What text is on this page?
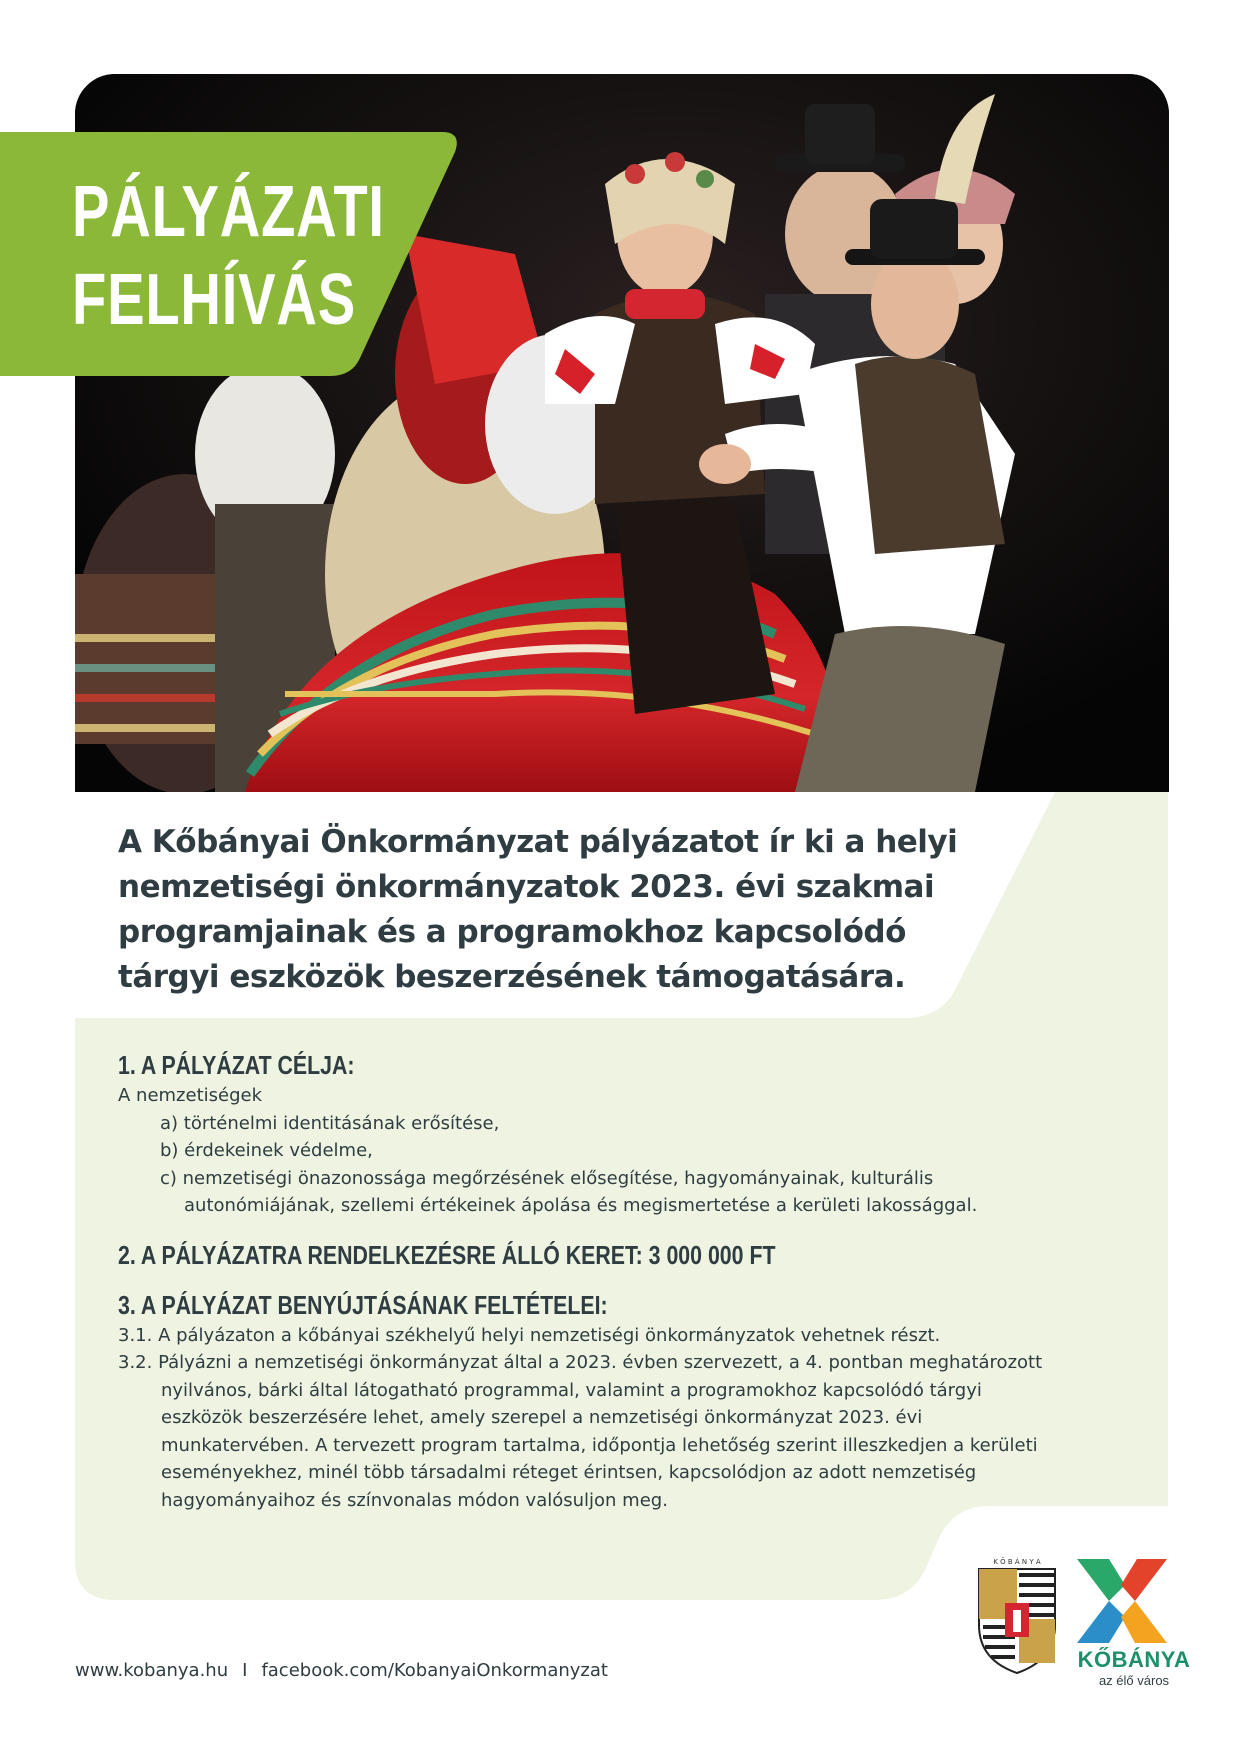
PÁLYÁZATI
FELHÍVÁS
A Kőbányai Önkormányzat pályázatot ír ki a helyi nemzetiségi önkormányzatok 2023. évi szakmai programjainak és a programokhoz kapcsolódó tárgyi eszközök beszerzésének támogatására.
1. A PÁLYÁZAT CÉLJA:
A nemzetiségek
a) történelmi identitásának erősítése,
b) érdekeinek védelme,
c) nemzetiségi önazonossága megőrzésének elősegítése, hagyományainak, kulturális
autonómiájának, szellemi értékeinek ápolása és megismertetése a kerületi lakossággal.
2. A PÁLYÁZATRA RENDELKEZÉSRE ÁLLÓ KERET: 3 000 000 FT
3. A PÁLYÁZAT BENYÚJTÁSÁNAK FELTÉTELEI:
3.1. A pályázaton a kőbányai székhelyű helyi nemzetiségi önkormányzatok vehetnek részt.
3.2. Pályázni a nemzetiségi önkormányzat által a 2023. évben szervezett, a 4. pontban meghatározott
nyilvános, bárki által látogatható programmal, valamint a programokhoz kapcsolódó tárgyi
eszközök beszerzésére lehet, amely szerepel a nemzetiségi önkormányzat 2023. évi
munkatervében. A tervezett program tartalma, időpontja lehetőség szerint illeszkedjen a kerületi
eseményekhez, minél több társadalmi réteget érintsen, kapcsolódjon az adott nemzetiség
hagyományaihoz és színvonalas módon valósuljon meg.
www.kobanya.hu I facebook.com/KobanyaiOnkormanyzat
K Ő B Á N Y A
KŐBÁNYA
az élő város
